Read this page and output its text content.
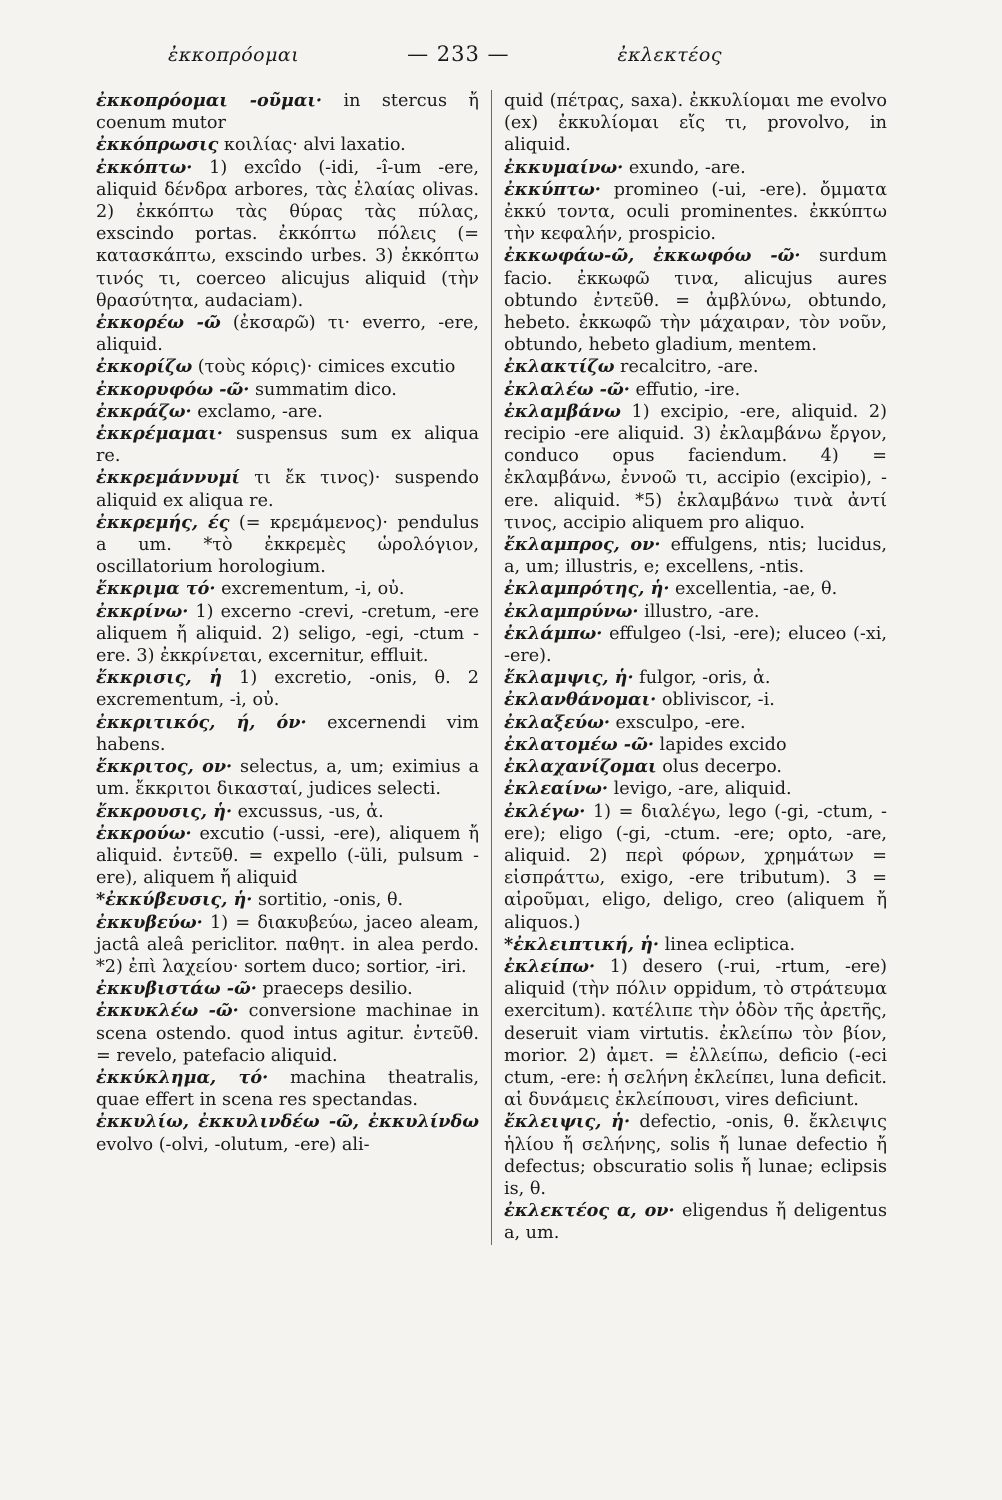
ἐκκοπρόομαι	— 233 —	ἐκλεκτέος

ἐκκοπρόομαι -οῦμαι· in stercus ἤ coenum mutor

ἐκκόπρωσις κοιλίας· alvi laxatio.

ἐκκόπτω· 1) excîdo (-idi, -î-um -ere, aliquid δένδρα arbores, τὰς ἐλαίας olivas. 2) ἐκκόπτω τὰς θύρας τὰς πύλας, exscindo portas. ἐκκόπτω πόλεις (= κατασκάπτω, exscindo urbes. 3) ἐκκόπτω τινός τι, coerceo alicujus aliquid (τὴν θρασύτητα, audaciam).

ἐκκορέω -ῶ (ἐκσαρῶ) τι· everro, -ere, aliquid.

ἐκκορίζω (τοὺς κόρις)· cimices excutio

ἐκκορυφόω -ῶ· summatim dico.

ἐκκράζω· exclamo, -are.

ἐκκρέμαμαι· suspensus sum ex aliqua re.

ἐκκρεμάννυμί τι ἔκ τινος)· suspendo aliquid ex aliqua re.

ἐκκρεμής, ές (= κρεμάμενος)· pendulus a um. *τὸ ἐκκρεμὲς ὡρολόγιον, oscillatorium horologium.

ἔκκριμα τό· excrementum, -i, οὐ.

ἐκκρίνω· 1) excerno -crevi, -cretum, -ere aliquem ἤ aliquid. 2) seligo, -egi, -ctum -ere. 3) ἐκκρίνεται, excernitur, effluit.

ἔκκρισις, ἡ 1) excretio, -onis, θ. 2 excrementum, -i, οὐ.

ἐκκριτικός, ή, όν· excernendi vim habens.

ἔκκριτος, ον· selectus, a, um; eximius a um. ἔκκριτοι δικασταί, judices selecti.

ἔκκρουσις, ἡ· excussus, -us, ἀ.

ἐκκρούω· excutio (-ussi, -ere), aliquem ἤ aliquid. ἐντεῦθ. = expello (-üli, pulsum -ere), aliquem ἤ aliquid

*ἐκκύβευσις, ἡ· sortitio, -onis, θ.

ἐκκυβεύω· 1) = διακυβεύω, jaceo aleam, jactâ aleâ periclitor. παθητ. in alea perdo. *2) ἐπὶ λαχείου· sortem duco; sortior, -iri.

ἐκκυβιστάω -ῶ· praeceps desilio.

ἐκκυκλέω -ῶ· conversione machinae in scena ostendo. quod intus agitur. ἐντεῦθ. = revelo, patefacio aliquid.

ἐκκύκλημα, τό· machina theatralis, quae effert in scena res spectandas.

ἐκκυλίω, ἐκκυλινδέω -ῶ, ἐκκυλίνδω evolvo (-olvi, -olutum, -ere) ali-

quid (πέτρας, saxa). ἐκκυλίομαι me evolvo (ex) ἐκκυλίομαι εἴς τι, provolvo, in aliquid.

ἐκκυμαίνω· exundo, -are.

ἐκκύπτω· promineo (-ui, -ere). ὄμματα ἐκκύ τοντα, oculi prominentes. ἐκκύπτω τὴν κεφαλήν, prospicio.

ἐκκωφάω-ῶ, ἐκκωφόω -ῶ· surdum facio. ἐκκωφῶ τινα, alicujus aures obtundo ἐντεῦθ. = ἀμβλύνω, obtundo, hebeto. ἐκκωφῶ τὴν μάχαιραν, τὸν νοῦν, obtundo, hebeto gladium, mentem.

ἐκλακτίζω recalcitro, -are.

ἐκλαλέω -ῶ· effutio, -ire.

ἐκλαμβάνω 1) excipio, -ere, aliquid. 2) recipio -ere aliquid. 3) ἐκλαμβάνω ἔργον, conduco opus faciendum. 4) = ἐκλαμβάνω, ἐννοῶ τι, accipio (excipio), -ere. aliquid. *5) ἐκλαμβάνω τινὰ ἀντί τινος, accipio aliquem pro aliquo.

ἔκλαμπρος, ον· effulgens, ntis; lucidus, a, um; illustris, e; excellens, -ntis.

ἐκλαμπρότης, ἡ· excellentia, -ae, θ.

ἐκλαμπρύνω· illustro, -are.

ἐκλάμπω· effulgeo (-lsi, -ere); eluceo (-xi, -ere).

ἔκλαμψις, ἡ· fulgor, -oris, ἀ.

ἐκλανθάνομαι· obliviscor, -i.

ἐκλαξεύω· exsculpo, -ere.

ἐκλατομέω -ῶ· lapides excido

ἐκλαχανίζομαι olus decerpo.

ἐκλεαίνω· levigo, -are, aliquid.

ἐκλέγω· 1) = διαλέγω, lego (-gi, -ctum, -ere); eligo (-gi, -ctum. -ere; opto, -are, aliquid. 2) περὶ φόρων, χρημάτων = εἰσπράττω, exigo, -ere tributum). 3 = αἱροῦμαι, eligo, deligo, creo (aliquem ἤ aliquos.)

*ἐκλειπτική, ἡ· linea ecliptica.

ἐκλείπω· 1) desero (-rui, -rtum, -ere) aliquid (τὴν πόλιν oppidum, τὸ στράτευμα exercitum). κατέλιπε τὴν ὁδὸν τῆς ἀρετῆς, deseruit viam virtutis. ἐκλείπω τὸν βίον, morior. 2) ἀμετ. = ἐλλείπω, deficio (-eci ctum, -ere: ἡ σελήνη ἐκλείπει, luna deficit. αἱ δυνάμεις ἐκλείπουσι, vires deficiunt.

ἔκλειψις, ἡ· defectio, -onis, θ. ἔκλειψις ἡλίου ἤ σελήνης, solis ἤ lunae defectio ἤ defectus; obscuratio solis ἤ lunae; eclipsis is, θ.

ἐκλεκτέος α, ον· eligendus ἤ deligentus a, um.
